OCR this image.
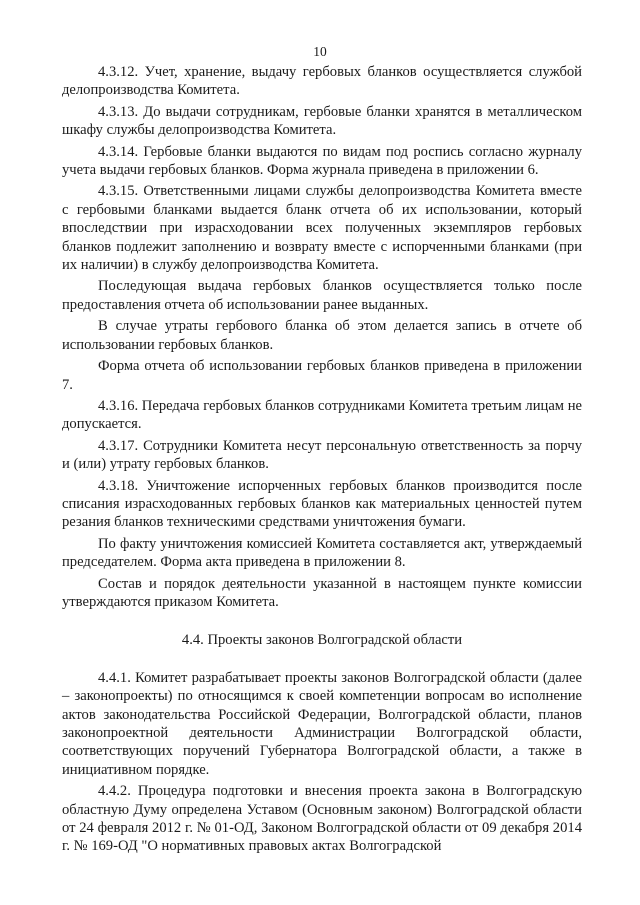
10

4.3.12. Учет, хранение, выдачу гербовых бланков осуществляется службой делопроизводства Комитета.

4.3.13. До выдачи сотрудникам, гербовые бланки хранятся в металлическом шкафу службы делопроизводства Комитета.

4.3.14. Гербовые бланки выдаются по видам под роспись согласно журналу учета выдачи гербовых бланков. Форма журнала приведена в приложении 6.

4.3.15. Ответственными лицами службы делопроизводства Комитета вместе с гербовыми бланками выдается бланк отчета об их использовании, который впоследствии при израсходовании всех полученных экземпляров гербовых бланков подлежит заполнению и возврату вместе с испорченными бланками (при их наличии) в службу делопроизводства Комитета.

Последующая выдача гербовых бланков осуществляется только после предоставления отчета об использовании ранее выданных.

В случае утраты гербового бланка об этом делается запись в отчете об использовании гербовых бланков.

Форма отчета об использовании гербовых бланков приведена в приложении 7.

4.3.16. Передача гербовых бланков сотрудниками Комитета третьим лицам не допускается.

4.3.17. Сотрудники Комитета несут персональную ответственность за порчу и (или) утрату гербовых бланков.

4.3.18. Уничтожение испорченных гербовых бланков производится после списания израсходованных гербовых бланков как материальных ценностей путем резания бланков техническими средствами уничтожения бумаги.

По факту уничтожения комиссией Комитета составляется акт, утверждаемый председателем. Форма акта приведена в приложении 8.

Состав и порядок деятельности указанной в настоящем пункте комиссии утверждаются приказом Комитета.

4.4. Проекты законов Волгоградской области

4.4.1. Комитет разрабатывает проекты законов Волгоградской области (далее – законопроекты) по относящимся к своей компетенции вопросам во исполнение актов законодательства Российской Федерации, Волгоградской области, планов законопроектной деятельности Администрации Волгоградской области, соответствующих поручений Губернатора Волгоградской области, а также в инициативном порядке.

4.4.2. Процедура подготовки и внесения проекта закона в Волгоградскую областную Думу определена Уставом (Основным законом) Волгоградской области от 24 февраля 2012 г. № 01-ОД, Законом Волгоградской области от 09 декабря 2014 г. № 169-ОД "О нормативных правовых актах Волгоградской
